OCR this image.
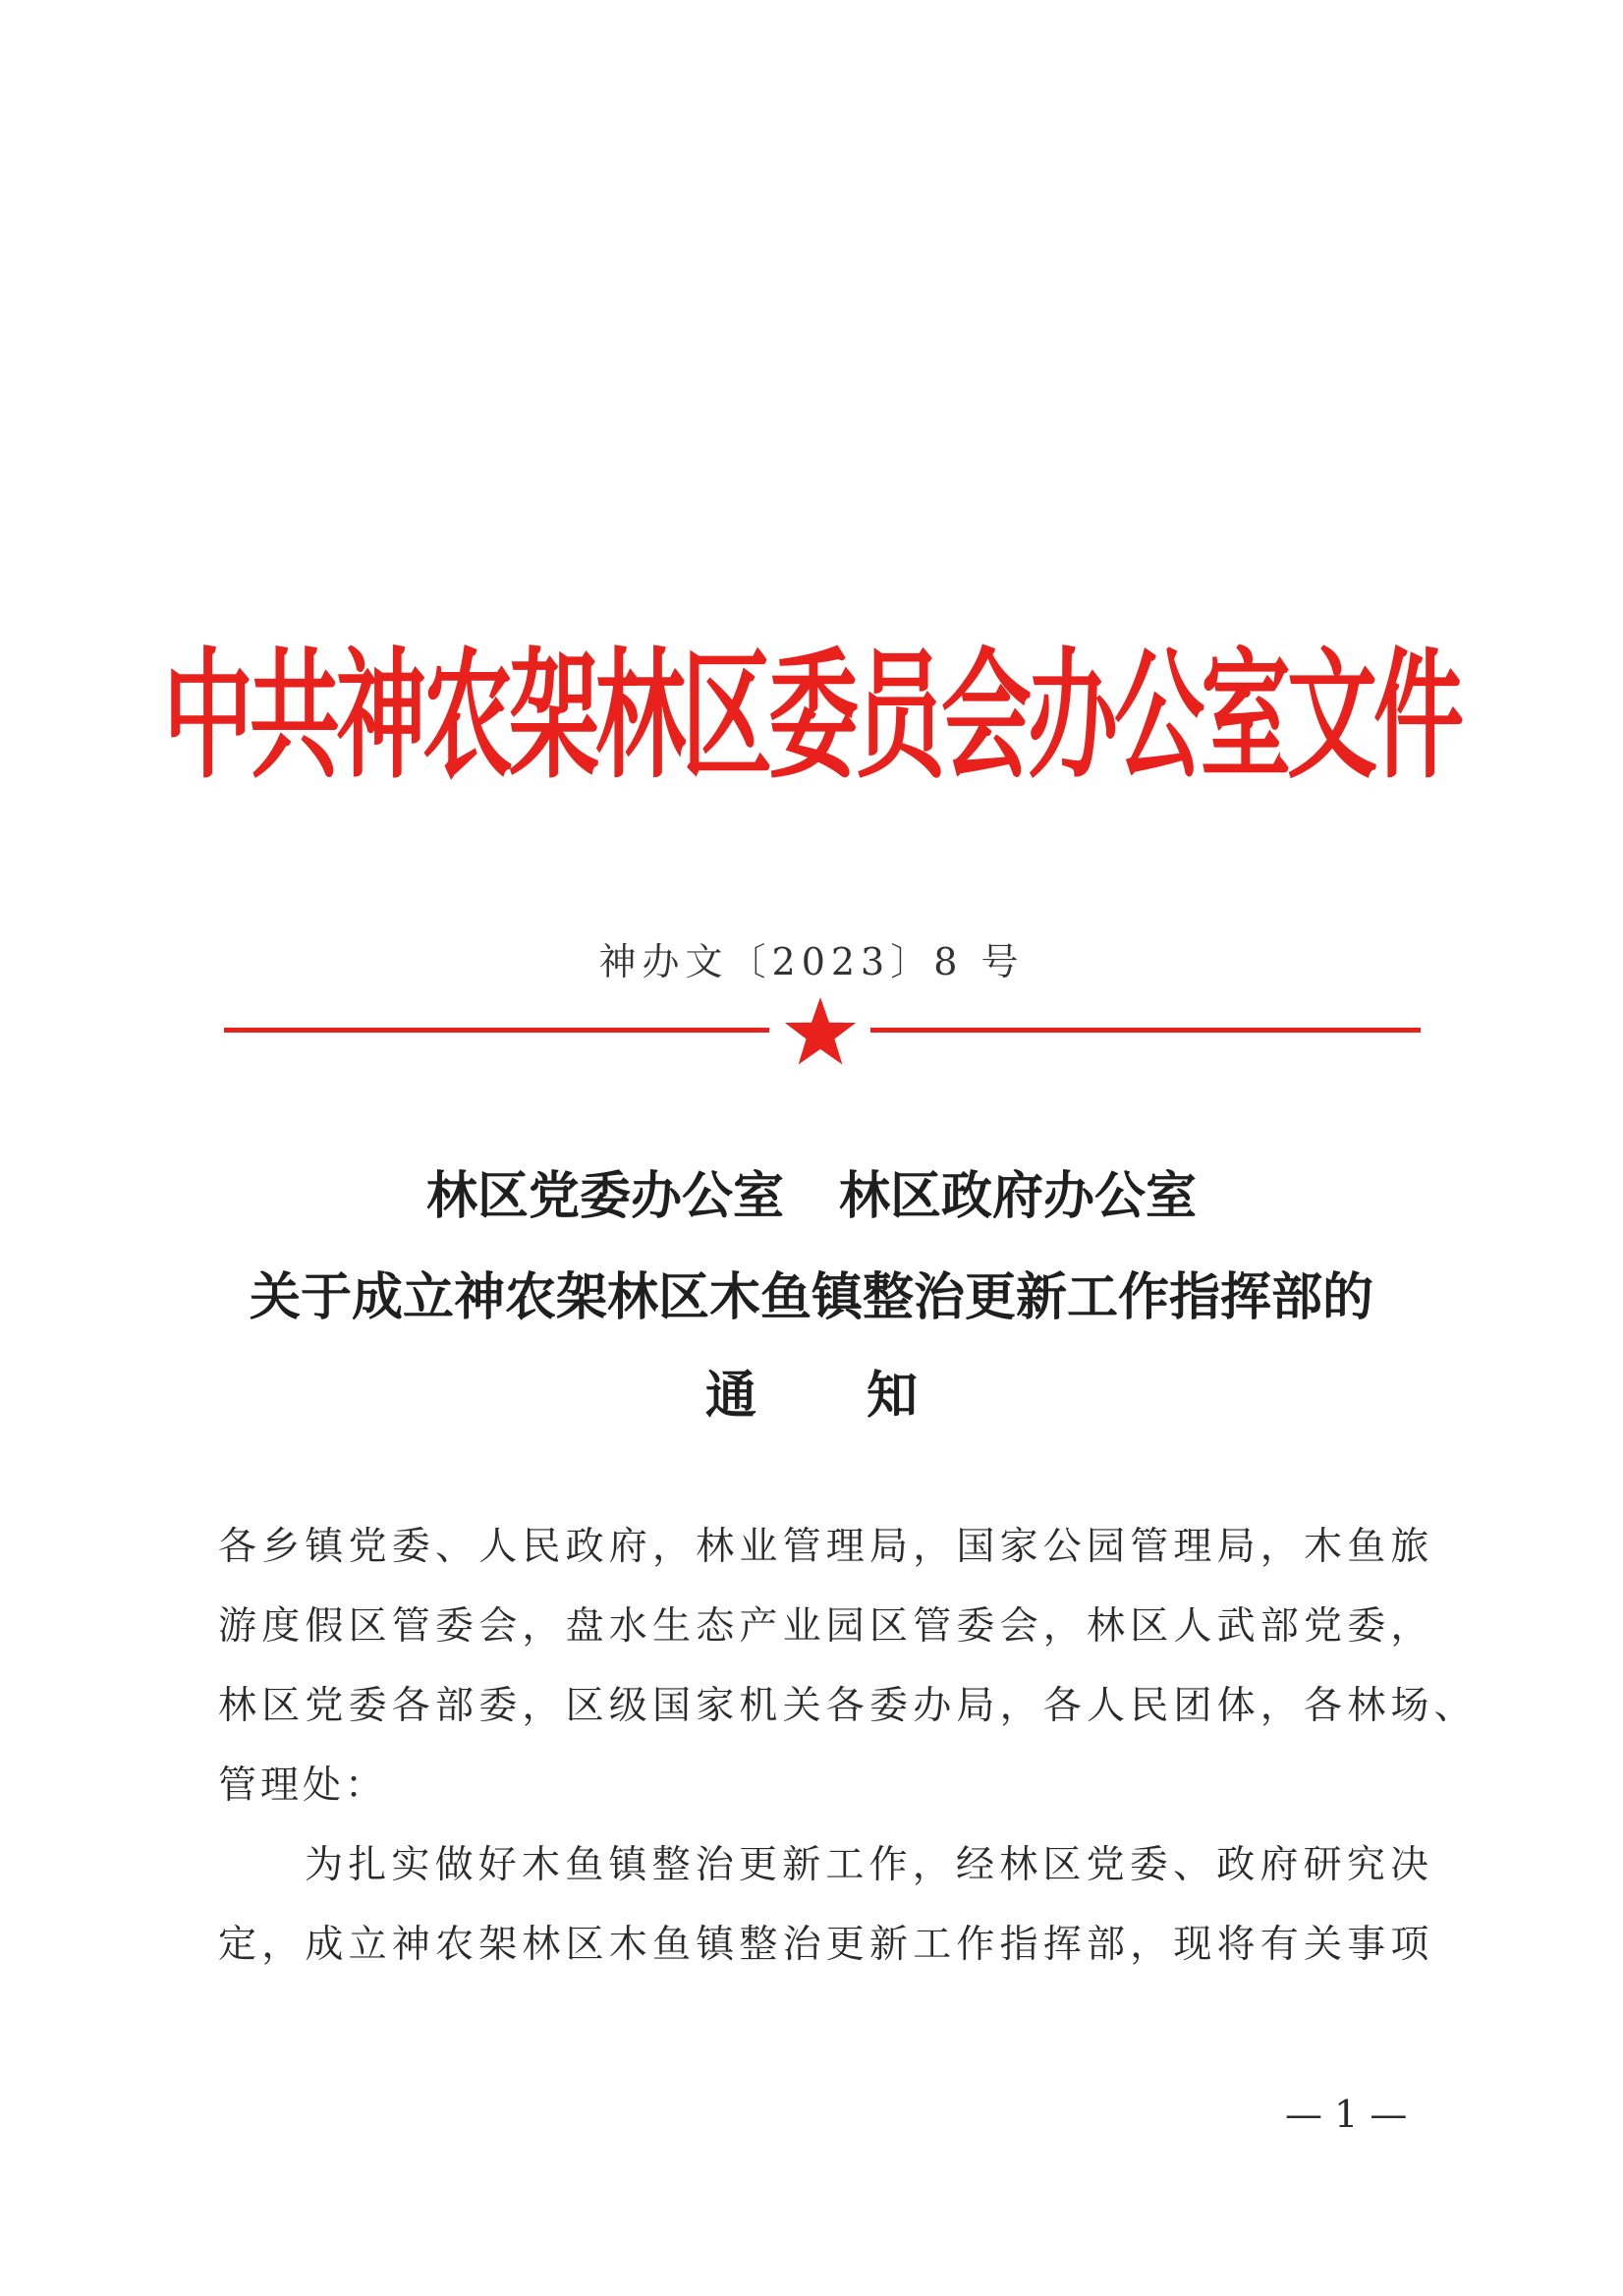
中共神农架林区委员会办公室文件
神办文〔2023〕8 号
林区党委办公室 林区政府办公室
关于成立神农架林区木鱼镇整治更新工作指挥部的
通 知
各乡镇党委、人民政府，林业管理局，国家公园管理局，木鱼旅
游度假区管委会，盘水生态产业园区管委会，林区人武部党委，
林区党委各部委，区级国家机关各委办局，各人民团体，各林场、
管理处：
为扎实做好木鱼镇整治更新工作，经林区党委、政府研究决
定，成立神农架林区木鱼镇整治更新工作指挥部，现将有关事项
— 1 —
